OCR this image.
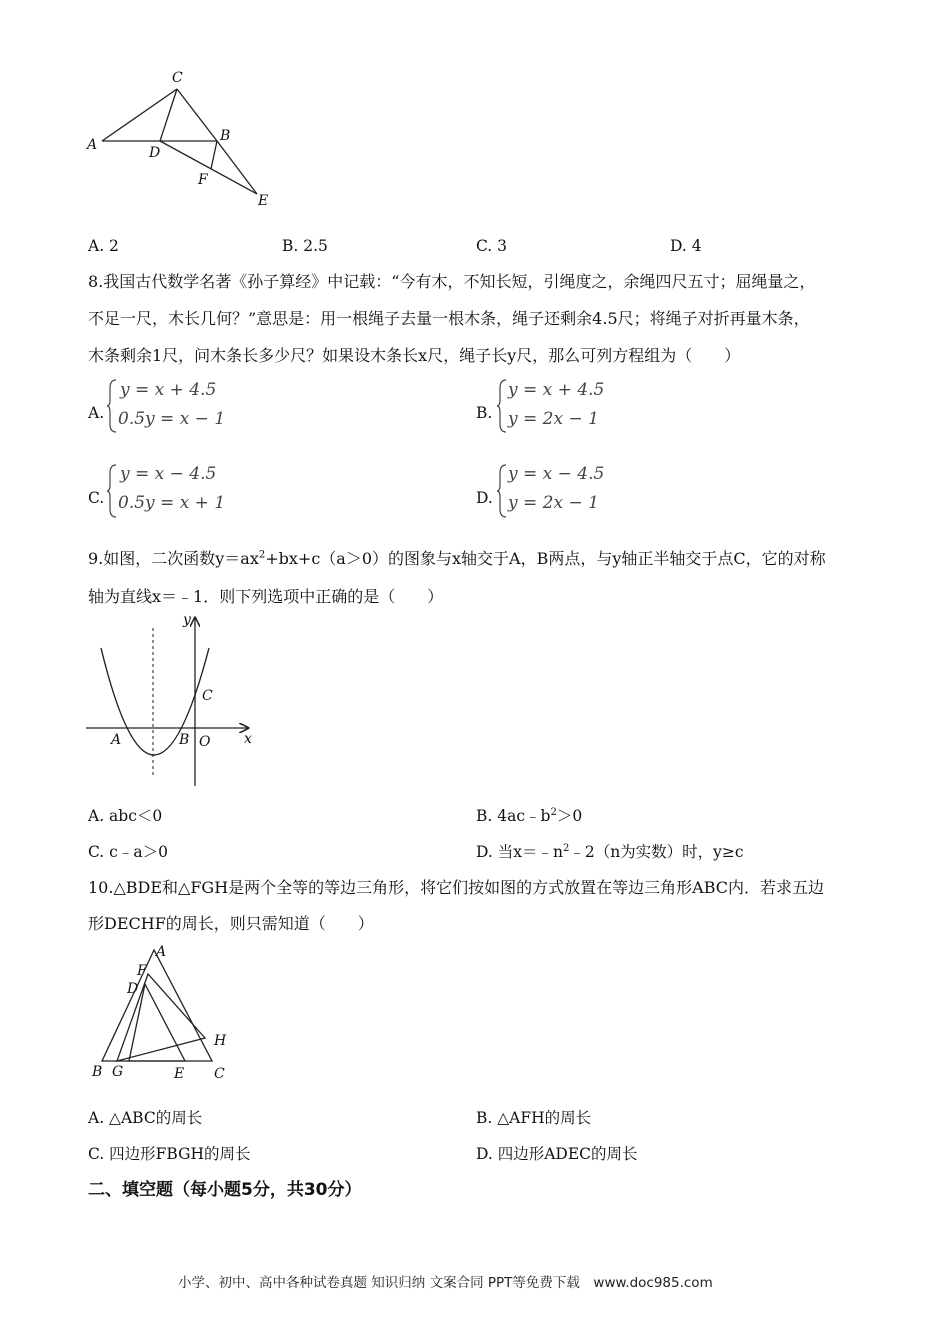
C
A	D
B
F
E
A. 2	B. 2.5	C. 3	D. 4
8.我国古代数学名著《孙子算经》中记载：“今有木，不知长短，引绳度之，余绳四尺五寸；屈绳量之，
不足一尺，木长几何？”意思是：用一根绳子去量一根木条，绳子还剩余4.5尺；将绳子对折再量木条，
木条剩余1尺，问木条长多少尺？如果设木条长x尺，绳子长y尺，那么可列方程组为（　　）
A.
y = x + 4.5
0.5y = x − 1	B.
y = x + 4.5
y = 2x − 1
C.
y = x − 4.5
0.5y = x + 1	D.
y = x − 4.5
y = 2x − 1
9.如图，二次函数$y=ax^2+bx+c(a>0)$的图象与x轴交于A，B两点，与y轴正半轴交于点C，它的对称
轴为直线x＝﹣1．则下列选项中正确的是（　　）
y
x
A	B O
C
A. abc＜0	B. $4ac﹣b^2>0$
C. c﹣a＞0	D. 当$x=﹣n^2﹣2(n$为实数）时，y≥c
10.△BDE和△FGH是两个全等的等边三角形，将它们按如图的方式放置在等边三角形ABC内．若求五边
形DECHF的周长，则只需知道（　　）
A
F
D
H
B G	E C
A. △ABC的周长	B. △AFH的周长
C. 四边形FBGH的周长	D. 四边形ADEC的周长
二、填空题（每小题5分，共30分）
小学、初中、高中各种试卷真题 知识归纳 文案合同 PPT等免费下载　www.doc985.com
